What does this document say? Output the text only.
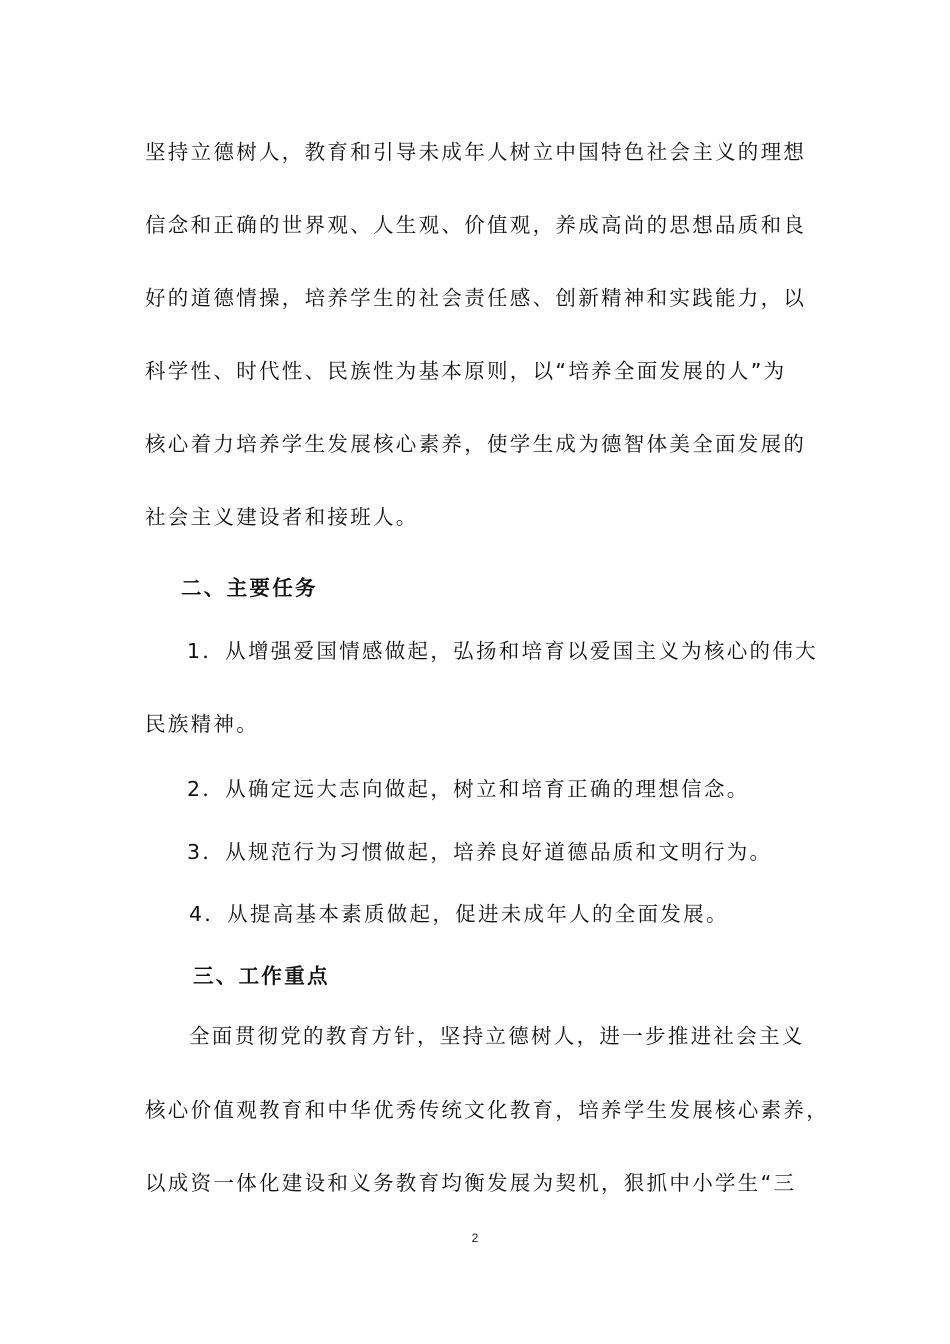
坚持立德树人，教育和引导未成年人树立中国特色社会主义的理想
信念和正确的世界观、人生观、价值观，养成高尚的思想品质和良
好的道德情操，培养学生的社会责任感、创新精神和实践能力，以
科学性、时代性、民族性为基本原则，以“培养全面发展的人”为
核心着力培养学生发展核心素养，使学生成为德智体美全面发展的
社会主义建设者和接班人。
二、主要任务
1．从增强爱国情感做起，弘扬和培育以爱国主义为核心的伟大
民族精神。
2．从确定远大志向做起，树立和培育正确的理想信念。
3．从规范行为习惯做起，培养良好道德品质和文明行为。
4．从提高基本素质做起，促进未成年人的全面发展。
三、工作重点
全面贯彻党的教育方针，坚持立德树人，进一步推进社会主义
核心价值观教育和中华优秀传统文化教育，培养学生发展核心素养，
以成资一体化建设和义务教育均衡发展为契机，狠抓中小学生“三
2
